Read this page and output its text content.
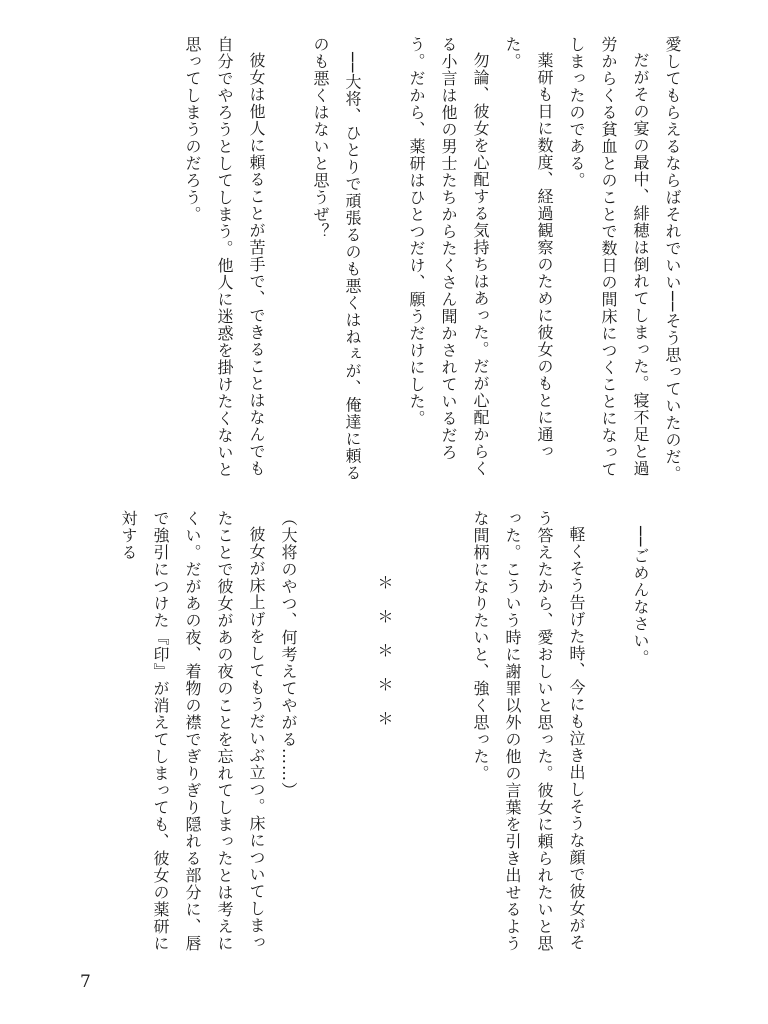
愛してもらえるならばそれでいい──そう思っていたのだ。

だがその宴の最中、緋穂は倒れてしまった。寝不足と過労からくる貧血とのことで数日の間床につくことになってしまったのである。

薬研も日に数度、経過観察のために彼女のもとに通った。

勿論、彼女を心配する気持ちはあった。だが心配からくる小言は他の男士たちからたくさん聞かされているだろう。だから、薬研はひとつだけ、願うだけにした。

──大将、ひとりで頑張るのも悪くはねぇが、俺達に頼るのも悪くはないと思うぜ？

彼女は他人に頼ることが苦手で、できることはなんでも自分でやろうとしてしまう。他人に迷惑を掛けたくないと思ってしまうのだろう。

──ごめんなさい。

軽くそう告げた時、今にも泣き出しそうな顔で彼女がそう答えたから、愛おしいと思った。彼女に頼られたいと思った。こういう時に謝罪以外の他の言葉を引き出せるような間柄になりたいと、強く思った。

＊＊＊＊＊

（大将のやつ、何考えてやがる……）

彼女が床上げをしてもうだいぶ立つ。床についてしまったことで彼女があの夜のことを忘れてしまったとは考えにくい。だがあの夜、着物の襟でぎりぎり隠れる部分に、唇で強引につけた『印』が消えてしまっても、彼女の薬研に対する

7
